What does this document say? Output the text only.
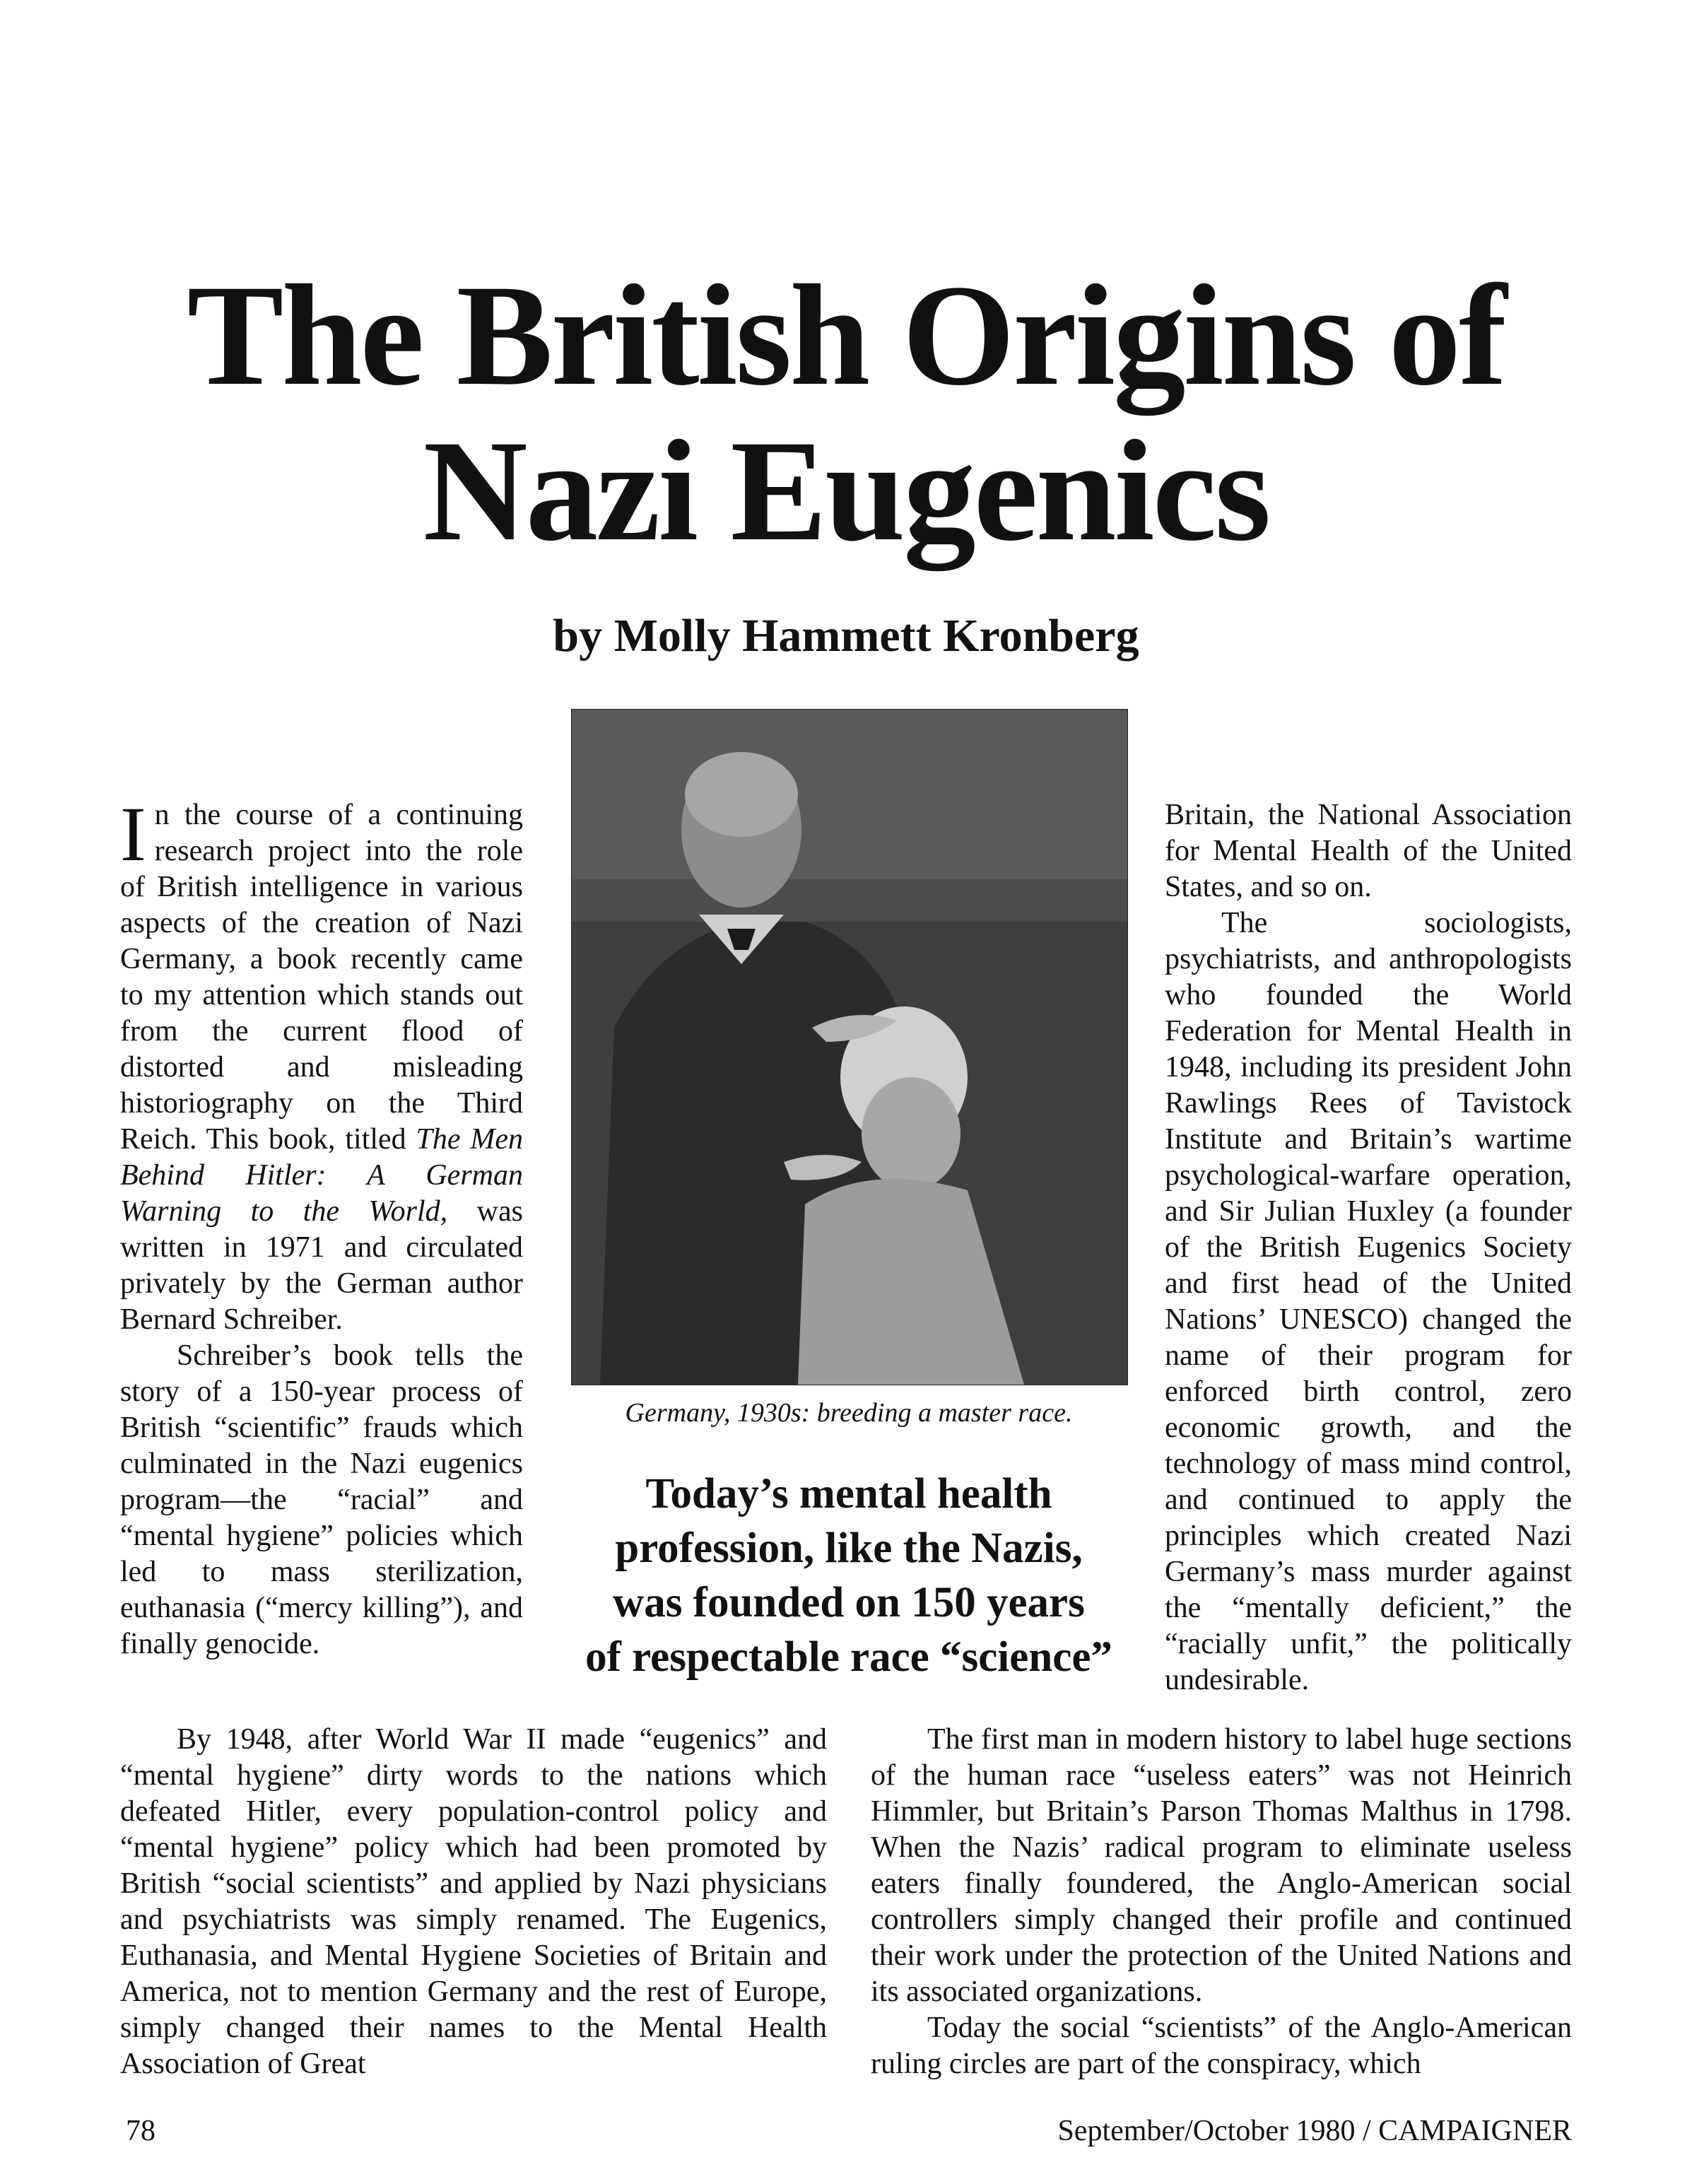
The British Origins of
Nazi Eugenics
by Molly Hammett Kronberg

In the course of a continuing research project into the role of British intelligence in various aspects of the creation of Nazi Germany, a book recently came to my attention which stands out from the current flood of distorted and misleading historiography on the Third Reich. This book, titled The Men Behind Hitler: A German Warning to the World, was written in 1971 and circulated privately by the German author Bernard Schreiber.

Schreiber’s book tells the story of a 150-year process of British “scientific” frauds which culminated in the Nazi eugenics program—the “racial” and “mental hygiene” policies which led to mass sterilization, euthanasia (“mercy killing”), and finally genocide.

Germany, 1930s: breeding a master race.
Today’s mental health
profession, like the Nazis,
was founded on 150 years
of respectable race “science”

Britain, the National Association for Mental Health of the United States, and so on.

The sociologists, psychiatrists, and anthropologists who founded the World Federation for Mental Health in 1948, including its president John Rawlings Rees of Tavistock Institute and Britain’s wartime psychological-warfare operation, and Sir Julian Huxley (a founder of the British Eugenics Society and first head of the United Nations’ UNESCO) changed the name of their program for enforced birth control, zero economic growth, and the technology of mass mind control, and continued to apply the principles which created Nazi Germany’s mass murder against the “mentally deficient,” the “racially unfit,” the politically undesirable.

By 1948, after World War II made “eugenics” and “mental hygiene” dirty words to the nations which defeated Hitler, every population-control policy and “mental hygiene” policy which had been promoted by British “social scientists” and applied by Nazi physicians and psychiatrists was simply renamed. The Eugenics, Euthanasia, and Mental Hygiene Societies of Britain and America, not to mention Germany and the rest of Europe, simply changed their names to the Mental Health Association of Great

The first man in modern history to label huge sections of the human race “useless eaters” was not Heinrich Himmler, but Britain’s Parson Thomas Malthus in 1798. When the Nazis’ radical program to eliminate useless eaters finally foundered, the Anglo-American social controllers simply changed their profile and continued their work under the protection of the United Nations and its associated organizations.

Today the social “scientists” of the Anglo-American ruling circles are part of the conspiracy, which

78	September/October 1980 / CAMPAIGNER
